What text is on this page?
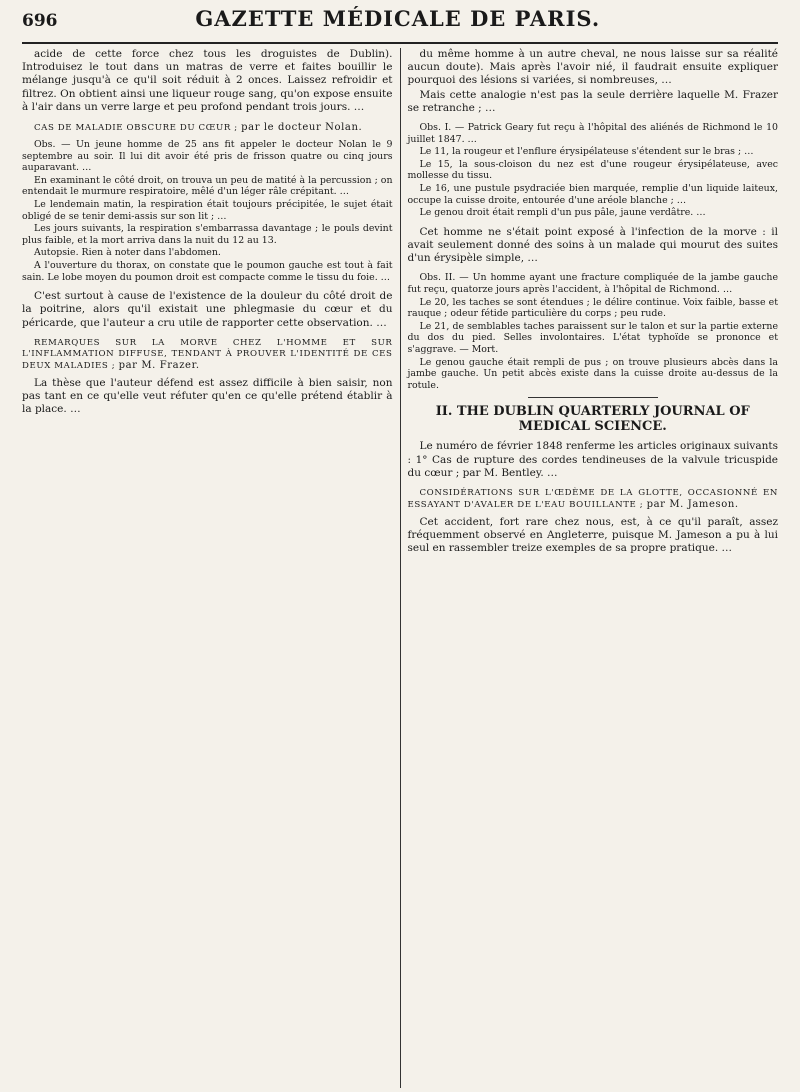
696	GAZETTE MÉDICALE DE PARIS.

acide de cette force chez tous les droguistes de Dublin). Introduisez le tout dans un matras de verre et faites bouillir le mélange jusqu'à ce qu'il soit réduit à 2 onces. Laissez refroidir et filtrez. On obtient ainsi une liqueur rouge sang, qu'on expose ensuite à l'air dans un verre large et peu profond pendant trois jours. …

CAS DE MALADIE OBSCURE DU CŒUR ; par le docteur Nolan.

Obs. — Un jeune homme de 25 ans fit appeler le docteur Nolan le 9 septembre au soir. Il lui dit avoir été pris de frisson quatre ou cinq jours auparavant. …

En examinant le côté droit, on trouva un peu de matité à la percussion ; on entendait le murmure respiratoire, mêlé d'un léger râle crépitant. …

Le lendemain matin, la respiration était toujours précipitée, le sujet était obligé de se tenir demi-assis sur son lit ; …

Les jours suivants, la respiration s'embarrassa davantage ; le pouls devint plus faible, et la mort arriva dans la nuit du 12 au 13.

Autopsie. Rien à noter dans l'abdomen.

A l'ouverture du thorax, on constate que le poumon gauche est tout à fait sain. Le lobe moyen du poumon droit est compacte comme le tissu du foie. …

C'est surtout à cause de l'existence de la douleur du côté droit de la poitrine, alors qu'il existait une phlegmasie du cœur et du péricarde, que l'auteur a cru utile de rapporter cette observation. …

REMARQUES SUR LA MORVE CHEZ L'HOMME ET SUR L'INFLAMMATION DIFFUSE, TENDANT À PROUVER L'IDENTITÉ DE CES DEUX MALADIES ; par M. Frazer.

La thèse que l'auteur défend est assez difficile à bien saisir, non pas tant en ce qu'elle veut réfuter qu'en ce qu'elle prétend établir à la place. …

du même homme à un autre cheval, ne nous laisse sur sa réalité aucun doute). Mais après l'avoir nié, il faudrait ensuite expliquer pourquoi des lésions si variées, si nombreuses, …

Mais cette analogie n'est pas la seule derrière laquelle M. Frazer se retranche ; …

Obs. I. — Patrick Geary fut reçu à l'hôpital des aliénés de Richmond le 10 juillet 1847. …

Le 11, la rougeur et l'enflure érysipélateuse s'étendent sur le bras ; …

Le 15, la sous-cloison du nez est d'une rougeur érysipélateuse, avec mollesse du tissu.

Le 16, une pustule psydraciée bien marquée, remplie d'un liquide laiteux, occupe la cuisse droite, entourée d'une aréole blanche ; …

Le genou droit était rempli d'un pus pâle, jaune verdâtre. …

Cet homme ne s'était point exposé à l'infection de la morve : il avait seulement donné des soins à un malade qui mourut des suites d'un érysipèle simple, …

Obs. II. — Un homme ayant une fracture compliquée de la jambe gauche fut reçu, quatorze jours après l'accident, à l'hôpital de Richmond. …

Le 20, les taches se sont étendues ; le délire continue. Voix faible, basse et rauque ; odeur fétide particulière du corps ; peu rude.

Le 21, de semblables taches paraissent sur le talon et sur la partie externe du dos du pied. Selles involontaires. L'état typhoïde se prononce et s'aggrave. — Mort.

Le genou gauche était rempli de pus ; on trouve plusieurs abcès dans la jambe gauche. Un petit abcès existe dans la cuisse droite au-dessus de la rotule.

II. THE DUBLIN QUARTERLY JOURNAL OF MEDICAL SCIENCE.

Le numéro de février 1848 renferme les articles originaux suivants : 1° Cas de rupture des cordes tendineuses de la valvule tricuspide du cœur ; par M. Bentley. …

CONSIDÉRATIONS SUR L'ŒDÈME DE LA GLOTTE, OCCASIONNÉ EN ESSAYANT D'AVALER DE L'EAU BOUILLANTE ; par M. Jameson.

Cet accident, fort rare chez nous, est, à ce qu'il paraît, assez fréquemment observé en Angleterre, puisque M. Jameson a pu à lui seul en rassembler treize exemples de sa propre pratique. …
